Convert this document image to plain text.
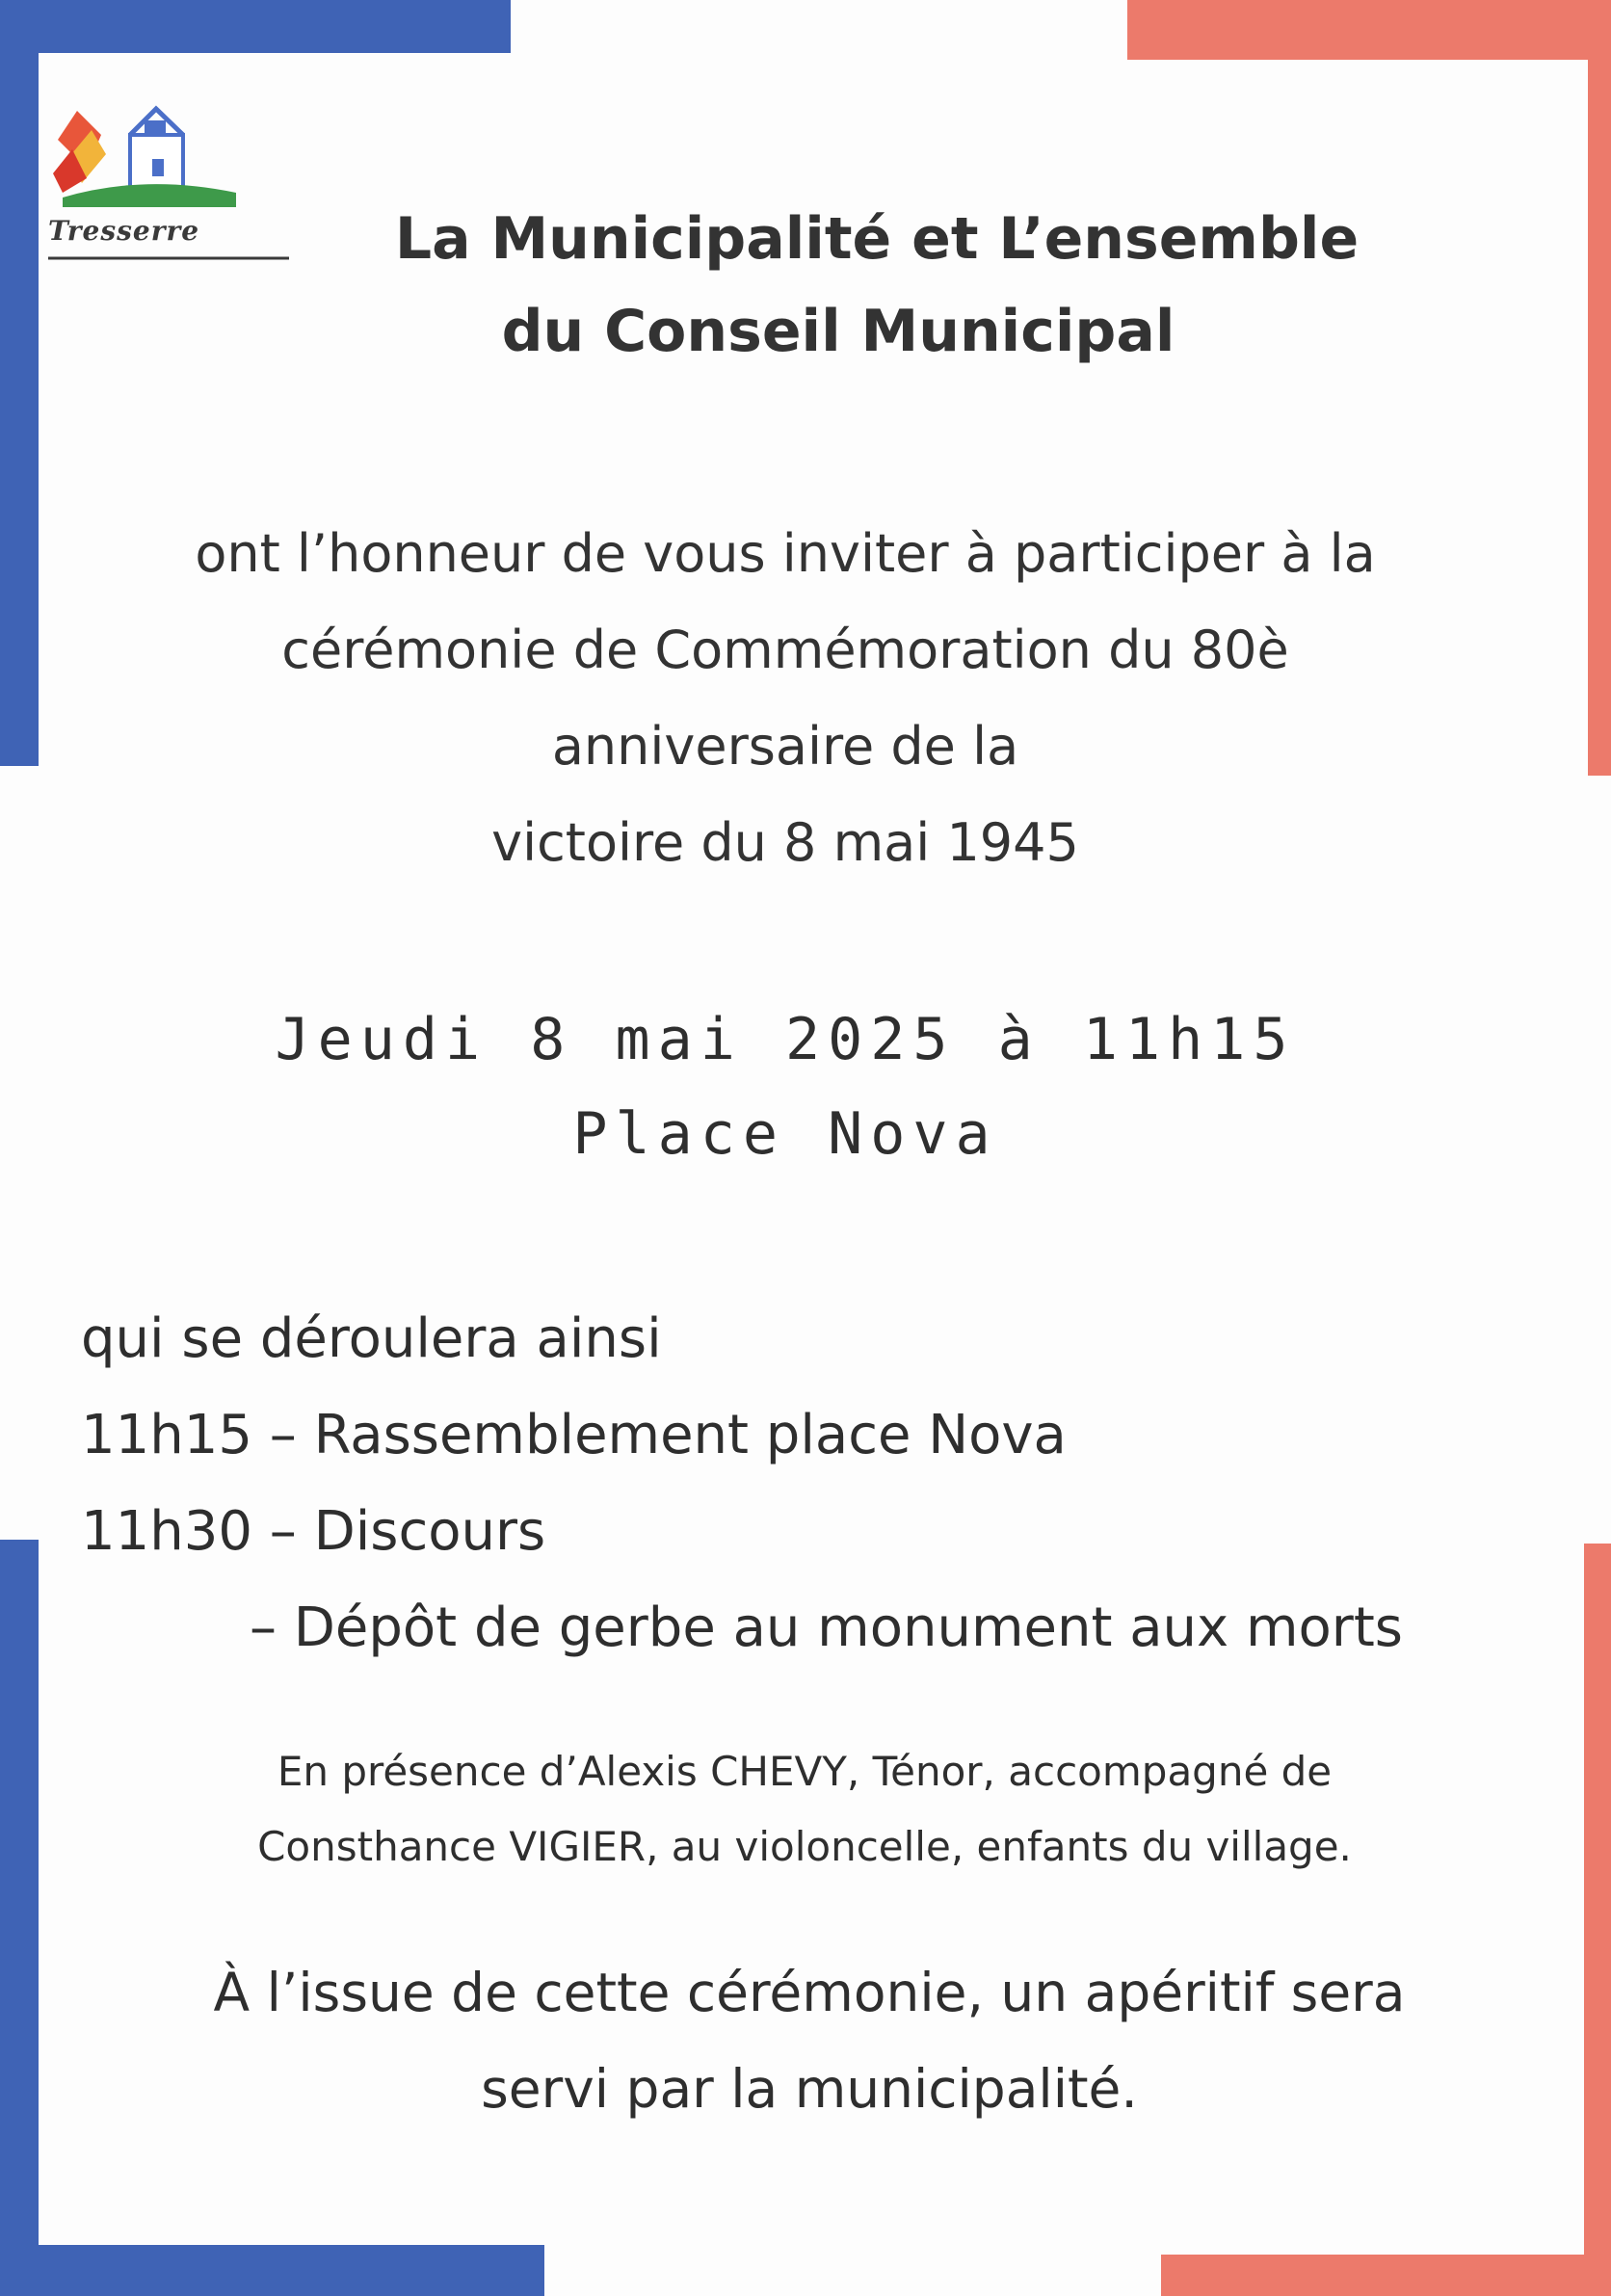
Tresserre	La Municipalité et L’ensemble
du Conseil Municipal
ont l’honneur de vous inviter à participer à la
cérémonie de Commémoration du 80è
anniversaire de la
victoire du 8 mai 1945
Jeudi 8 mai 2025 à 11h15
Place Nova
qui se déroulera ainsi
11h15 – Rassemblement place Nova
11h30 – Discours
– Dépôt de gerbe au monument aux morts
En présence d’Alexis CHEVY, Ténor, accompagné de
Consthance VIGIER, au violoncelle, enfants du village.
À l’issue de cette cérémonie, un apéritif sera
servi par la municipalité.
